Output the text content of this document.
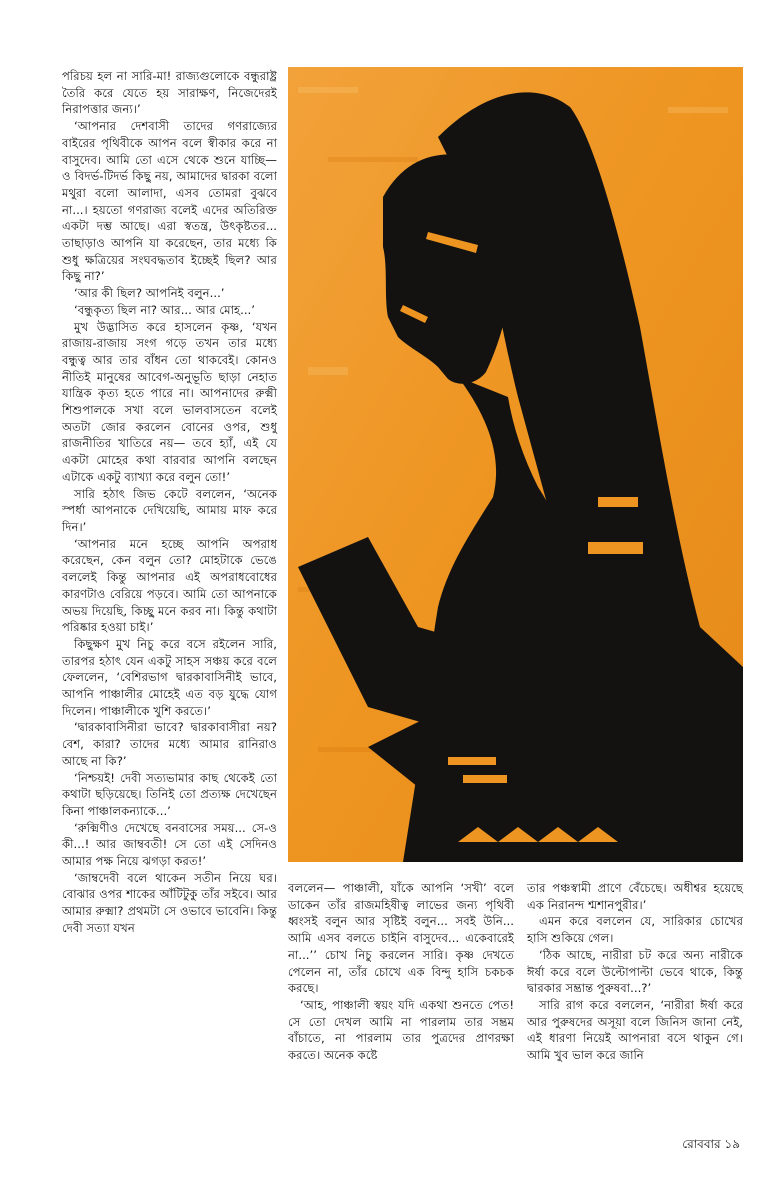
পরিচয় হল না সারি-মা! রাজ্যগুলোকে বন্ধুরাষ্ট্র তৈরি করে যেতে হয় সারাক্ষণ, নিজেদেরই নিরাপত্তার জন্য।’

‘আপনার দেশবাসী তাদের গণরাজ্যের বাইরের পৃথিবীকে আপন বলে স্বীকার করে না বাসুদেব। আমি তো এসে থেকে শুনে যাচ্ছি— ও বিদর্ভ-টিদর্ভ কিছু নয়, আমাদের দ্বারকা বলো মথুরা বলো আলাদা, এসব তোমরা বুঝবে না...। হয়তো গণরাজ্য বলেই এদের অতিরিক্ত একটা দম্ভ আছে। এরা স্বতন্ত্র, উৎকৃষ্টতর... তাছাড়াও আপনি যা করেছেন, তার মধ্যে কি শুধু ক্ষত্রিয়ের সংঘবদ্ধতাব ইচ্ছেই ছিল? আর কিছু না?’

‘আর কী ছিল? আপনিই বলুন...’

‘বন্ধুকৃত্য ছিল না? আর... আর মোহ...’

মুখ উদ্ভাসিত করে হাসলেন কৃষ্ণ, ‘যখন রাজায়-রাজায় সংগ গড়ে তখন তার মধ্যে বন্ধুত্ব আর তার বাঁধন তো থাকবেই। কোনও নীতিই মানুষের আবেগ-অনুভূতি ছাড়া নেহাত যান্ত্রিক কৃত্য হতে পারে না। আপনাদের রুক্মী শিশুপালকে সখা বলে ভালবাসতেন বলেই অতটা জোর করলেন বোনের ওপর, শুধু রাজনীতির খাতিরে নয়— তবে হ্যাঁ, এই যে একটা মোহের কথা বারবার আপনি বলছেন এটাকে একটু ব্যাখ্যা করে বলুন তো!’

সারি হঠাৎ জিভ কেটে বললেন, ‘অনেক স্পর্ধা আপনাকে দেখিয়েছি, আমায় মাফ করে দিন।’

‘আপনার মনে হচ্ছে আপনি অপরাধ করেছেন, কেন বলুন তো? মোহটাকে ভেঙে বললেই কিন্তু আপনার এই অপরাধবোধের কারণটাও বেরিয়ে পড়বে। আমি তো আপনাকে অভয় দিয়েছি, কিচ্ছু মনে করব না। কিন্তু কথাটা পরিষ্কার হওয়া চাই।’

কিছুক্ষণ মুখ নিচু করে বসে রইলেন সারি, তারপর হঠাৎ যেন একটু সাহস সঞ্চয় করে বলে ফেললেন, ‘বেশিরভাগ দ্বারকাবাসিনীই ভাবে, আপনি পাঞ্চালীর মোহেই এত বড় যুদ্ধে যোগ দিলেন। পাঞ্চালীকে খুশি করতে।’

‘দ্বারকাবাসিনীরা ভাবে? দ্বারকাবাসীরা নয়? বেশ, কারা? তাদের মধ্যে আমার রানিরাও আছে না কি?’

‘নিশ্চয়ই! দেবী সত্যভামার কাছ থেকেই তো কথাটা ছড়িয়েছে। তিনিই তো প্রত্যক্ষ দেখেছেন কিনা পাঞ্চালকন্যাকে...’

‘রুক্মিণীও দেখেছে বনবাসের সময়... সে-ও কী...! আর জাম্ববতী! সে তো এই সেদিনও আমার পক্ষ নিয়ে ঝগড়া করত!’

‘জাম্বদেবী বলে থাকেন সতীন নিয়ে ঘর। বোঝার ওপর শাকের আঁটিটুকু তাঁর সইবে। আর আমার রুক্মা? প্রথমটা সে ওভাবে ভাবেনি। কিন্তু দেবী সত্যা যখন

বললেন— পাঞ্চালী, যাঁকে আপনি ‘সখী’ বলে ডাকেন তাঁর রাজমহিষীত্ব লাভের জন্য পৃথিবী ধ্বংসই বলুন আর সৃষ্টিই বলুন... সবই উনি... আমি এসব বলতে চাইনি বাসুদেব... একেবারেই না...’’ চোখ নিচু করলেন সারি। কৃষ্ণ দেখতে পেলেন না, তাঁর চোখে এক বিন্দু হাসি চকচক করছে।

‘আহ, পাঞ্চালী স্বয়ং যদি একথা শুনতে পেত! সে তো দেখল আমি না পারলাম তার সম্ভ্রম বাঁচাতে, না পারলাম তার পুত্রদের প্রাণরক্ষা করতে। অনেক কষ্টে

তার পঞ্চস্বামী প্রাণে বেঁচেছে। অধীশ্বর হয়েছে এক নিরানন্দ শ্মশানপুরীর।’

এমন করে বললেন যে, সারিকার চোখের হাসি শুকিয়ে গেল।

‘ঠিক আছে, নারীরা চট করে অন্য নারীকে ঈর্ষা করে বলে উল্টোপাল্টা ভেবে থাকে, কিন্তু দ্বারকার সম্ভ্রান্ত পুরুষবা...?’

সারি রাগ করে বললেন, ‘নারীরা ঈর্ষা করে আর পুরুষদের অসূয়া বলে জিনিস জানা নেই, এই ধারণা নিয়েই আপনারা বসে থাকুন গে। আমি খুব ভাল করে জানি

রোববার ১৯
